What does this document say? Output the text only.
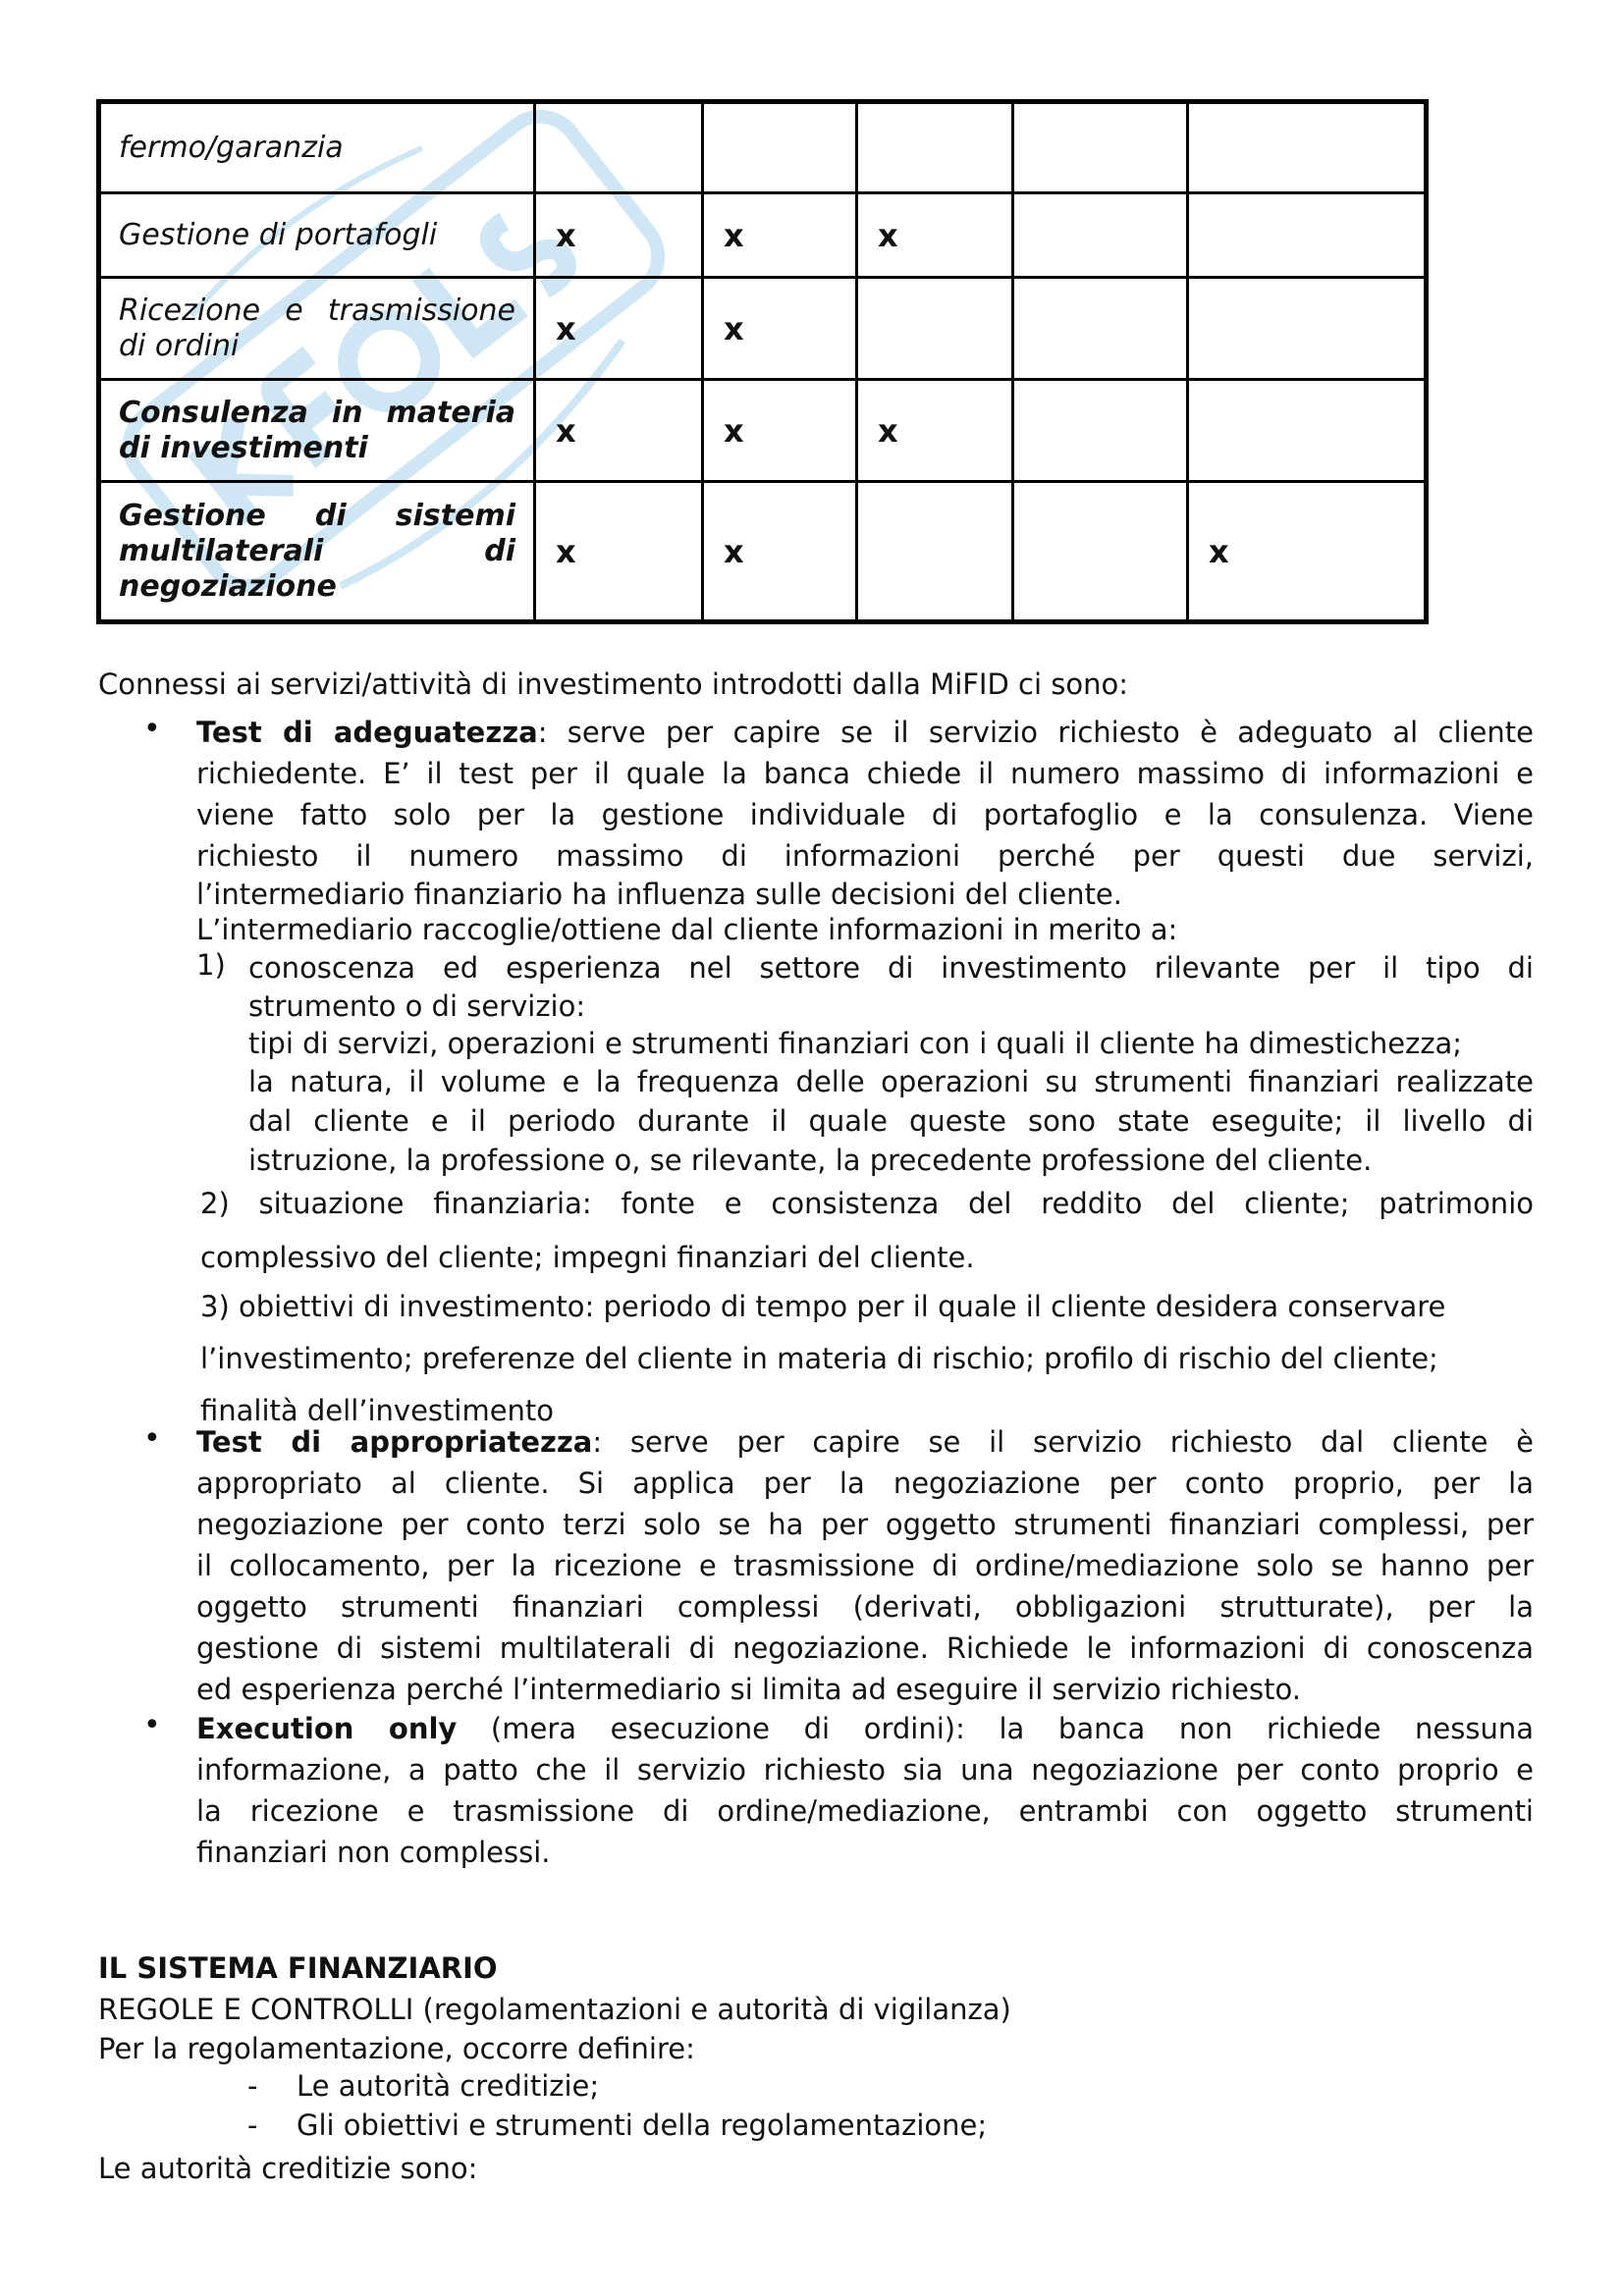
fermo/garanzia					

Gestione di portafogli	x	x	x		

Ricezione e trasmissione
di ordini	x	x			

Consulenza in materia
di investimenti	x	x	x		

Gestione di sistemi
multilaterali di
negoziazione	x	x			x
Connessi ai servizi/attività di investimento introdotti dalla MiFID ci sono:
• Test di adeguatezza: serve per capire se il servizio richiesto è adeguato al cliente
richiedente. E’ il test per il quale la banca chiede il numero massimo di informazioni e
viene fatto solo per la gestione individuale di portafoglio e la consulenza. Viene
richiesto il numero massimo di informazioni perché per questi due servizi,
l’intermediario finanziario ha influenza sulle decisioni del cliente.
L’intermediario raccoglie/ottiene dal cliente informazioni in merito a:
1) conoscenza ed esperienza nel settore di investimento rilevante per il tipo di
strumento o di servizio:
tipi di servizi, operazioni e strumenti finanziari con i quali il cliente ha dimestichezza;
la natura, il volume e la frequenza delle operazioni su strumenti finanziari realizzate
dal cliente e il periodo durante il quale queste sono state eseguite; il livello di
istruzione, la professione o, se rilevante, la precedente professione del cliente.
2) situazione finanziaria: fonte e consistenza del reddito del cliente; patrimonio
complessivo del cliente; impegni finanziari del cliente.
3) obiettivi di investimento: periodo di tempo per il quale il cliente desidera conservare
l’investimento; preferenze del cliente in materia di rischio; profilo di rischio del cliente;
finalità dell’investimento
• Test di appropriatezza: serve per capire se il servizio richiesto dal cliente è
appropriato al cliente. Si applica per la negoziazione per conto proprio, per la
negoziazione per conto terzi solo se ha per oggetto strumenti finanziari complessi, per
il collocamento, per la ricezione e trasmissione di ordine/mediazione solo se hanno per
oggetto strumenti finanziari complessi (derivati, obbligazioni strutturate), per la
gestione di sistemi multilaterali di negoziazione. Richiede le informazioni di conoscenza
ed esperienza perché l’intermediario si limita ad eseguire il servizio richiesto.
• Execution only (mera esecuzione di ordini): la banca non richiede nessuna
informazione, a patto che il servizio richiesto sia una negoziazione per conto proprio e
la ricezione e trasmissione di ordine/mediazione, entrambi con oggetto strumenti
finanziari non complessi.
IL SISTEMA FINANZIARIO
REGOLE E CONTROLLI (regolamentazioni e autorità di vigilanza)
Per la regolamentazione, occorre definire:
- Le autorità creditizie;
- Gli obiettivi e strumenti della regolamentazione;
Le autorità creditizie sono:
